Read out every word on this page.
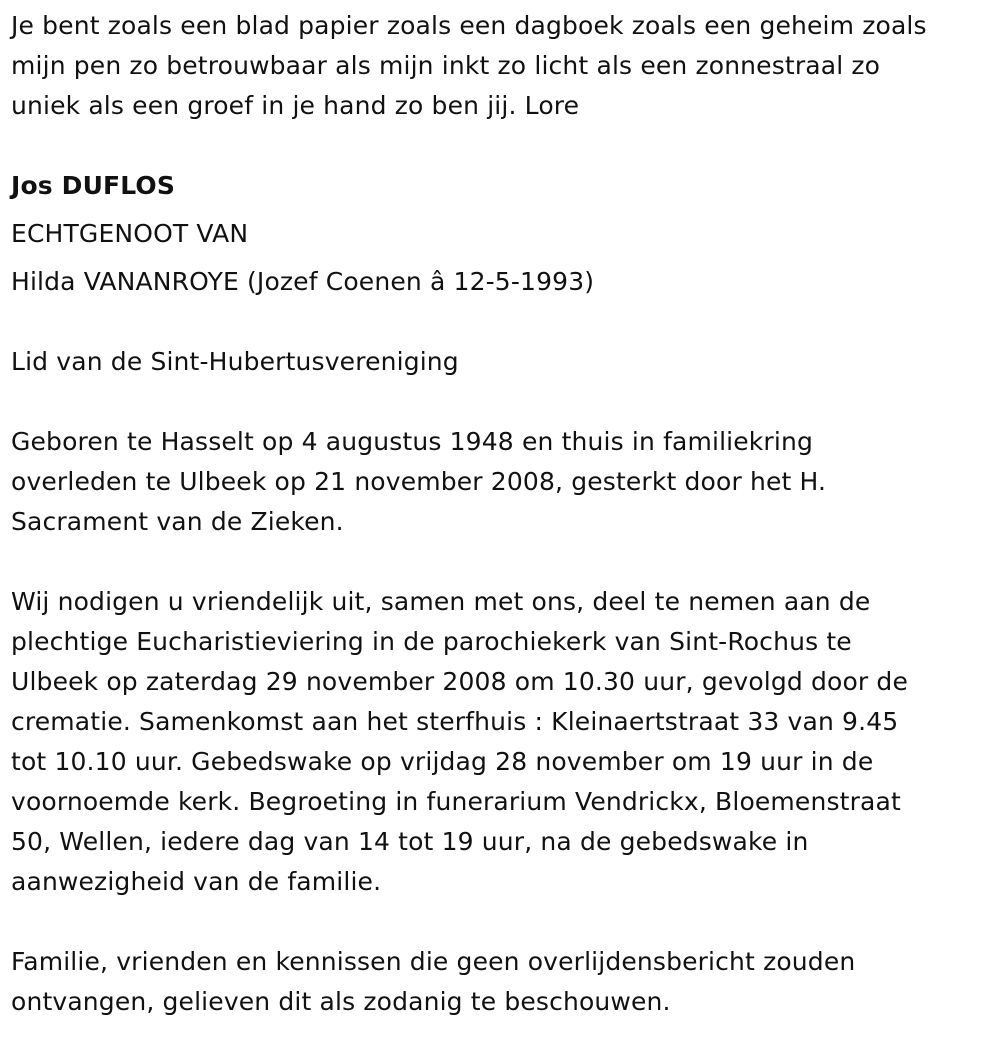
Je bent zoals een blad papier zoals een dagboek zoals een geheim zoals
mijn pen zo betrouwbaar als mijn inkt zo licht als een zonnestraal zo
uniek als een groef in je hand zo ben jij. Lore
Jos DUFLOS
ECHTGENOOT VAN
Hilda VANANROYE (Jozef Coenen â 12-5-1993)
Lid van de Sint-Hubertusvereniging
Geboren te Hasselt op 4 augustus 1948 en thuis in familiekring
overleden te Ulbeek op 21 november 2008, gesterkt door het H.
Sacrament van de Zieken.
Wij nodigen u vriendelijk uit, samen met ons, deel te nemen aan de
plechtige Eucharistieviering in de parochiekerk van Sint-Rochus te
Ulbeek op zaterdag 29 november 2008 om 10.30 uur, gevolgd door de
crematie. Samenkomst aan het sterfhuis : Kleinaertstraat 33 van 9.45
tot 10.10 uur. Gebedswake op vrijdag 28 november om 19 uur in de
voornoemde kerk. Begroeting in funerarium Vendrickx, Bloemenstraat
50, Wellen, iedere dag van 14 tot 19 uur, na de gebedswake in
aanwezigheid van de familie.
Familie, vrienden en kennissen die geen overlijdensbericht zouden
ontvangen, gelieven dit als zodanig te beschouwen.
